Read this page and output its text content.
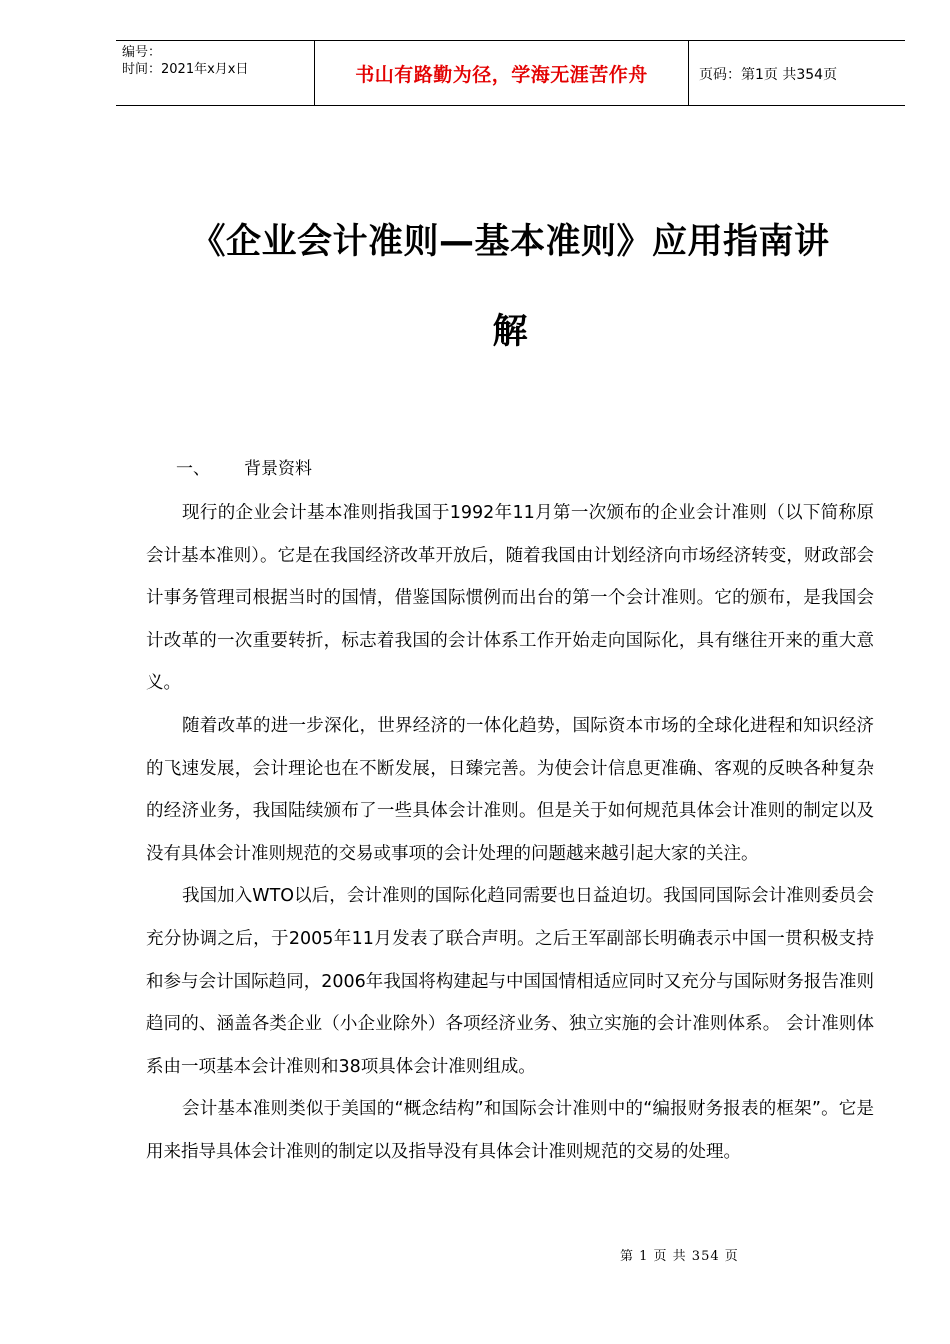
编号：
时间：2021年x月x日	书山有路勤为径，学海无涯苦作舟	页码：第1页 共354页
《企业会计准则—基本准则》应用指南讲
解
一、 背景资料

现行的企业会计基本准则指我国于1992年11月第一次颁布的企业会计准则（以下简称原会计基本准则）。它是在我国经济改革开放后，随着我国由计划经济向市场经济转变，财政部会计事务管理司根据当时的国情，借鉴国际惯例而出台的第一个会计准则。它的颁布，是我国会计改革的一次重要转折，标志着我国的会计体系工作开始走向国际化，具有继往开来的重大意义。

随着改革的进一步深化，世界经济的一体化趋势，国际资本市场的全球化进程和知识经济的飞速发展，会计理论也在不断发展，日臻完善。为使会计信息更准确、客观的反映各种复杂的经济业务，我国陆续颁布了一些具体会计准则。但是关于如何规范具体会计准则的制定以及没有具体会计准则规范的交易或事项的会计处理的问题越来越引起大家的关注。

我国加入WTO以后，会计准则的国际化趋同需要也日益迫切。我国同国际会计准则委员会充分协调之后，于2005年11月发表了联合声明。之后王军副部长明确表示中国一贯积极支持和参与会计国际趋同，2006年我国将构建起与中国国情相适应同时又充分与国际财务报告准则趋同的、涵盖各类企业（小企业除外）各项经济业务、独立实施的会计准则体系。 会计准则体系由一项基本会计准则和38项具体会计准则组成。

会计基本准则类似于美国的“概念结构”和国际会计准则中的“编报财务报表的框架”。它是用来指导具体会计准则的制定以及指导没有具体会计准则规范的交易的处理。

第 1 页 共 354 页
